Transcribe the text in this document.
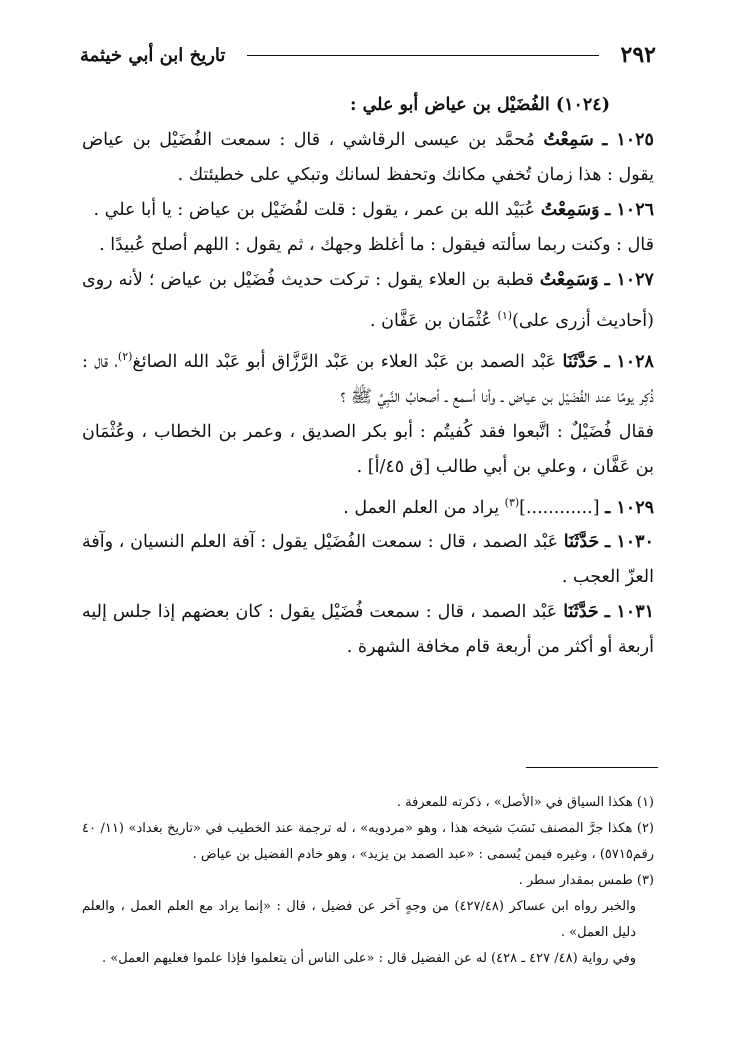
٢٩٢
تاريخ ابن أبي خيثمة

(١٠٢٤) الفُضَيْل بن عياض أبو علي :

١٠٢٥ ـ سَمِعْتُ مُحمَّد بن عيسى الرقاشي ، قال : سمعت الفُضَيْل بن عياض يقول : هذا زمان تُخفي مكانك وتحفظ لسانك وتبكي على خطيئتك .

١٠٢٦ ـ وَسَمِعْتُ عُبَيْد الله بن عمر ، يقول : قلت لفُضَيْل بن عياض : يا أبا علي .

قال : وكنت ربما سألته فيقول : ما أغلظ وجهك ، ثم يقول : اللهم أصلح عُبيدًا .

١٠٢٧ ـ وَسَمِعْتُ قطبة بن العلاء يقول : تركت حديث فُضَيْل بن عياض ؛ لأنه روى (أحاديث أزرى على)$^{(١)}$ عُثْمَان بن عَفَّان .

١٠٢٨ ـ حَدَّثَنَا عَبْد الصمد بن عَبْد العلاء بن عَبْد الرَّزَّاق أبو عَبْد الله الصائغ$^{(٢)}$، قال : ذُكِر يومًا عند الفُضَيْل بن عياض ـ وأنا أسمع ـ أصحابُ النَّبِيِّ ﷺ ؟

فقال فُضَيْلٌ : اتَّبعوا فقد كُفيتُم : أبو بكر الصديق ، وعمر بن الخطاب ، وعُثْمَان بن عَفَّان ، وعلي بن أبي طالب [ق ٤٥/أ] .

١٠٢٩ ـ [............]$^{(٣)}$ يراد من العلم العمل .

١٠٣٠ ـ حَدَّثَنَا عَبْد الصمد ، قال : سمعت الفُضَيْل يقول : آفة العلم النسيان ، وآفة العزّ العجب .

١٠٣١ ـ حَدَّثَنَا عَبْد الصمد ، قال : سمعت فُضَيْل يقول : كان بعضهم إذا جلس إليه أربعة أو أكثر من أربعة قام مخافة الشهرة .

(١) هكذا السياق في «الأصل» ، ذكرته للمعرفة .

(٢) هكذا جرَّ المصنف نَسَبَ شيخه هذا ، وهو «مردويه» ، له ترجمة عند الخطيب في «تاريخ بغداد» (١١/ ٤٠ رقم٥٧١٥) ، وغيره فيمن يُسمى : «عبد الصمد بن يزيد» ، وهو خادم الفضيل بن عياض .

(٣) طمس بمقدار سطر .

والخبر رواه ابن عساكر (٤٢٧/٤٨) من وجهٍ آخر عن فضيل ، قال : «إنما يراد مع العلم العمل ، والعلم دليل العمل» .

وفي رواية (٤٨/ ٤٢٧ ـ ٤٢٨) له عن الفضيل قال : «على الناس أن يتعلموا فإذا علموا فعليهم العمل» .
